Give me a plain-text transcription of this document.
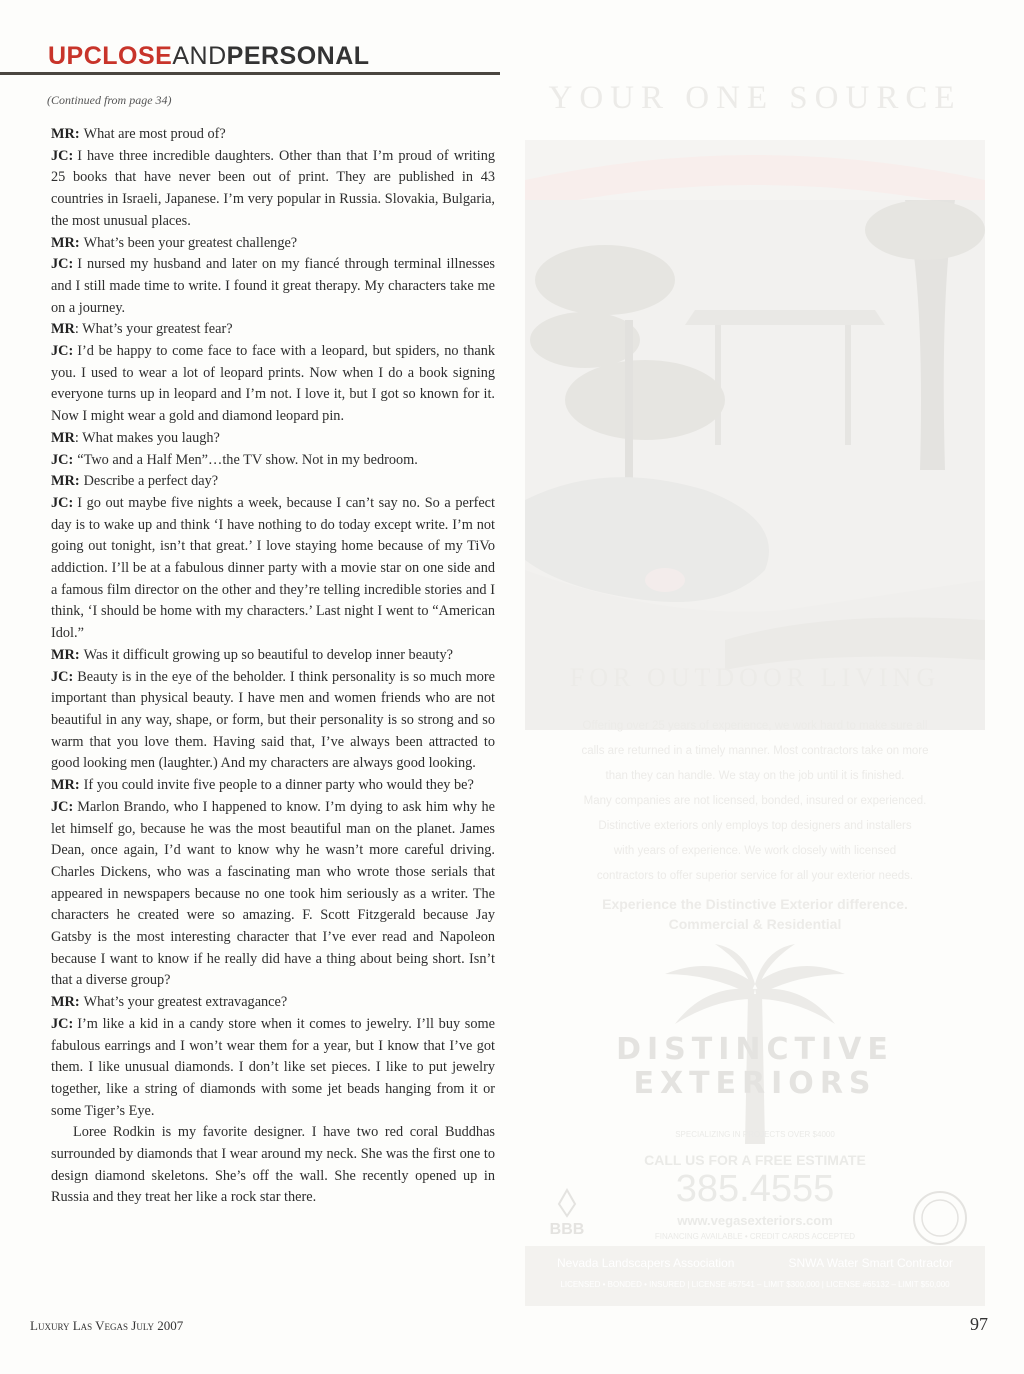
UPCLOSEANDPERSONAL
(Continued from page 34)

MR: What are most proud of?

JC: I have three incredible daughters. Other than that I’m proud of writing 25 books that have never been out of print. They are published in 43 countries in Israeli, Japanese. I’m very popular in Russia. Slovakia, Bulgaria, the most unusual places.

MR: What’s been your greatest challenge?

JC: I nursed my husband and later on my fiancé through terminal illnesses and I still made time to write. I found it great therapy. My characters take me on a journey.

MR: What’s your greatest fear?

JC: I’d be happy to come face to face with a leopard, but spiders, no thank you. I used to wear a lot of leopard prints. Now when I do a book signing everyone turns up in leopard and I’m not. I love it, but I got so known for it. Now I might wear a gold and diamond leopard pin.

MR: What makes you laugh?

JC: “Two and a Half Men”…the TV show. Not in my bedroom.

MR: Describe a perfect day?

JC: I go out maybe five nights a week, because I can’t say no. So a perfect day is to wake up and think ‘I have nothing to do today except write. I’m not going out tonight, isn’t that great.’ I love staying home because of my TiVo addiction. I’ll be at a fabulous dinner party with a movie star on one side and a famous film director on the other and they’re telling incredible stories and I think, ‘I should be home with my characters.’ Last night I went to “American Idol.”

MR: Was it difficult growing up so beautiful to develop inner beauty?

JC: Beauty is in the eye of the beholder. I think personality is so much more important than physical beauty. I have men and women friends who are not beautiful in any way, shape, or form, but their personality is so strong and so warm that you love them. Having said that, I’ve always been attracted to good looking men (laughter.) And my characters are always good looking.

MR: If you could invite five people to a dinner party who would they be?

JC: Marlon Brando, who I happened to know. I’m dying to ask him why he let himself go, because he was the most beautiful man on the planet. James Dean, once again, I’d want to know why he wasn’t more careful driving. Charles Dickens, who was a fascinating man who wrote those serials that appeared in newspapers because no one took him seriously as a writer. The characters he created were so amazing. F. Scott Fitzgerald because Jay Gatsby is the most interesting character that I’ve ever read and Napoleon because I want to know if he really did have a thing about being short. Isn’t that a diverse group?

MR: What’s your greatest extravagance?

JC: I’m like a kid in a candy store when it comes to jewelry. I’ll buy some fabulous earrings and I won’t wear them for a year, but I know that I’ve got them. I like unusual diamonds. I don’t like set pieces. I like to put jewelry together, like a string of diamonds with some jet beads hanging from it or some Tiger’s Eye.

Loree Rodkin is my favorite designer. I have two red coral Buddhas surrounded by diamonds that I wear around my neck. She was the first one to design diamond skeletons. She’s off the wall. She recently opened up in Russia and they treat her like a rock star there.

YOUR ONE SOURCE
FOR OUTDOOR LIVING
Offering over 25 years of experience, we work hard to make sure all
calls are returned in a timely manner. Most contractors take on more
than they can handle. We stay on the job until it is finished.
Many companies are not licensed, bonded, insured or experienced.
Distinctive exteriors only employs top designers and installers
with years of experience. We work closely with licensed
contractors to offer superior service for all your exterior needs.
Experience the Distinctive Exterior difference.
Commercial & Residential
DISTINCTIVE
EXTERIORS
SPECIALIZING IN PROJECTS OVER $4000
CALL US FOR A FREE ESTIMATE
385.4555
www.vegasexteriors.com
FINANCING AVAILABLE • CREDIT CARDS ACCEPTED
BBB
Nevada Landscapers Association	SNWA Water Smart Contractor
LICENSED • BONDED • INSURED | LICENSE #57541 – LIMIT $300,000 | LICENSE #65132 – LIMIT $50,000
Luxury Las Vegas July 2007	97
